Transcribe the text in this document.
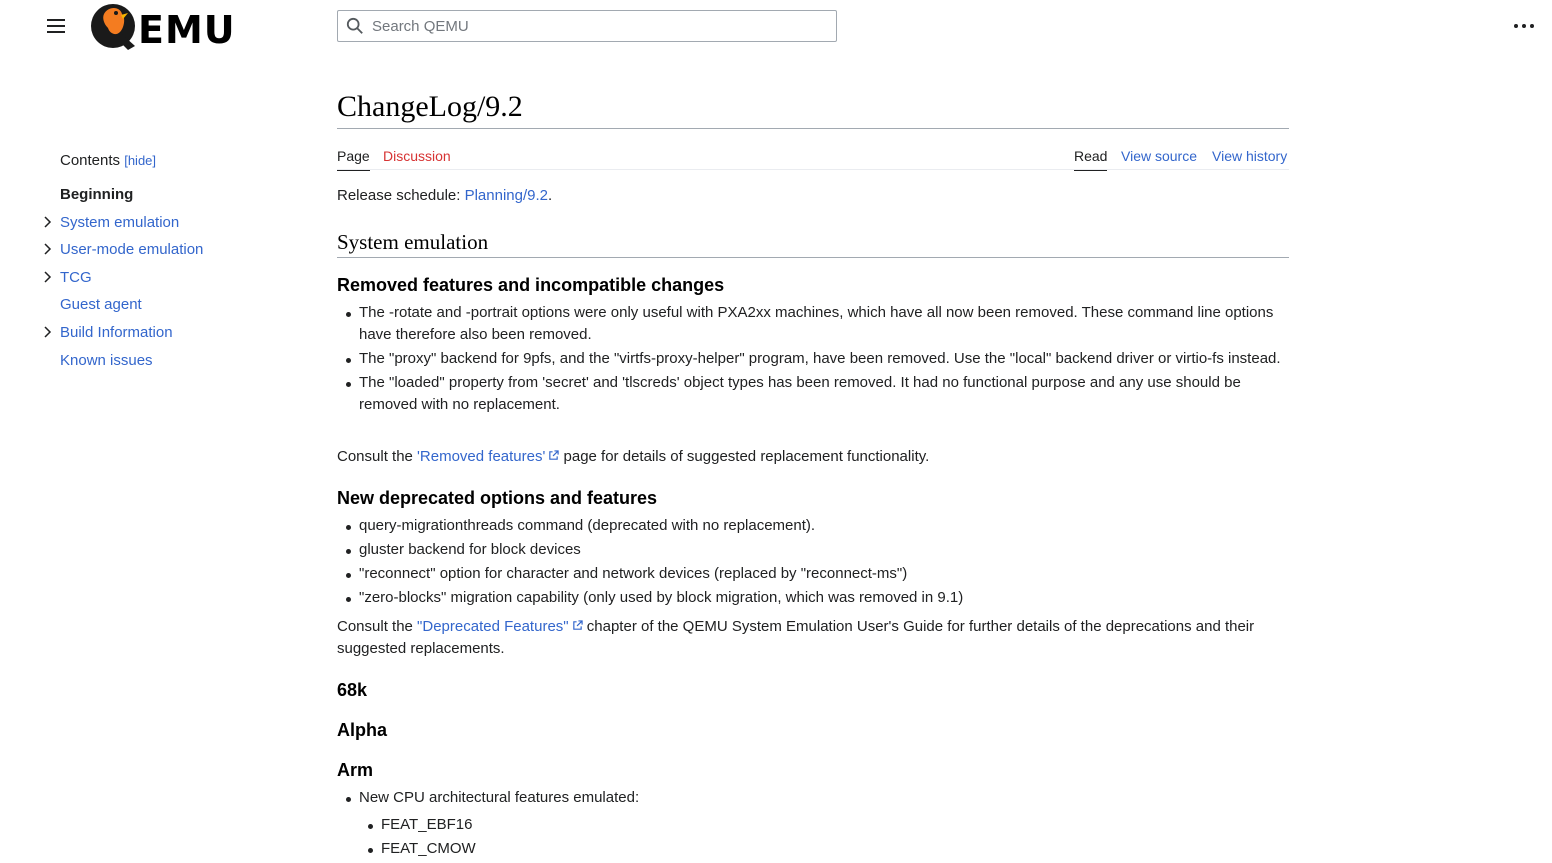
EMU
Search QEMU
Contents [hide]
Beginning
System emulation
User-mode emulation
TCG
Guest agent
Build Information
Known issues
ChangeLog/9.2
Page Discussion	Read View source View history
Release schedule: Planning/9.2.
System emulation
Removed features and incompatible changes
The -rotate and -portrait options were only useful with PXA2xx machines, which have all now been removed. These command line options have therefore also been removed.
The "proxy" backend for 9pfs, and the "virtfs-proxy-helper" program, have been removed. Use the "local" backend driver or virtio-fs instead.
The "loaded" property from 'secret' and 'tlscreds' object types has been removed. It had no functional purpose and any use should be removed with no replacement.
Consult the 'Removed features' page for details of suggested replacement functionality.
New deprecated options and features
query-migrationthreads command (deprecated with no replacement).
gluster backend for block devices
"reconnect" option for character and network devices (replaced by "reconnect-ms")
"zero-blocks" migration capability (only used by block migration, which was removed in 9.1)
Consult the "Deprecated Features" chapter of the QEMU System Emulation User's Guide for further details of the deprecations and their suggested replacements.
68k
Alpha
Arm
New CPU architectural features emulated:
FEAT_EBF16
FEAT_CMOW
